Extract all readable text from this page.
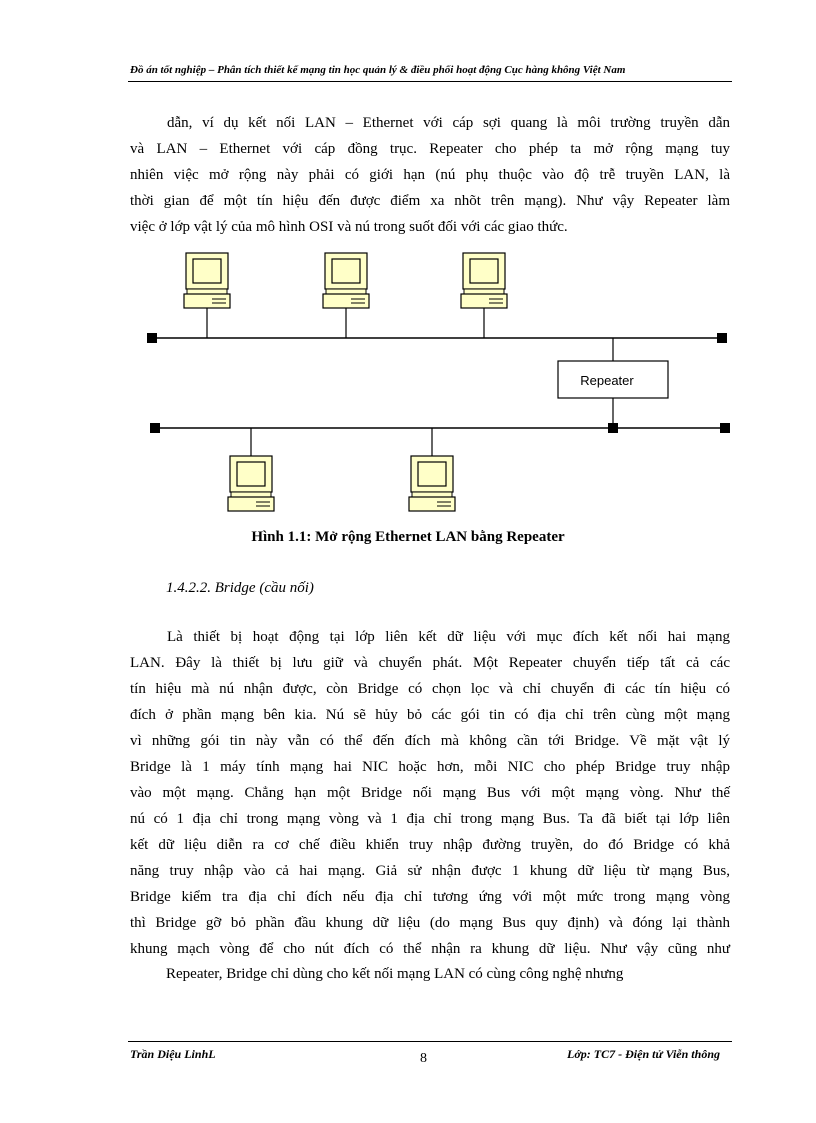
Đồ án tốt nghiệp – Phân tích thiết kế mạng tin học quản lý & điều phối hoạt động Cục hàng không Việt Nam
dẫn, ví dụ kết nối LAN – Ethernet với cáp sợi quang là môi trường truyền dẫn
và LAN – Ethernet với cáp đồng trục. Repeater cho phép ta mở rộng mạng tuy
nhiên việc mở rộng này phải có giới hạn (nú phụ thuộc vào độ trễ truyền LAN, là
thời gian để một tín hiệu đến được điểm xa nhõt trên mạng). Như vậy Repeater làm
việc ở lớp vật lý của mô hình OSI và nú trong suốt đối với các giao thức.
Repeater
Hình 1.1: Mở rộng Ethernet LAN bằng Repeater
1.4.2.2. Bridge (cầu nối)
Là thiết bị hoạt động tại lớp liên kết dữ liệu với mục đích kết nối hai mạng
LAN. Đây là thiết bị lưu giữ và chuyển phát. Một Repeater chuyển tiếp tất cả các
tín hiệu mà nú nhận được, còn Bridge có chọn lọc và chỉ chuyển đi các tín hiệu có
đích ở phần mạng bên kia. Nú sẽ hủy bỏ các gói tin có địa chỉ trên cùng một mạng
vì những gói tin này vẫn có thể đến đích mà không cần tới Bridge. Về mặt vật lý
Bridge là 1 máy tính mạng hai NIC hoặc hơn, mỗi NIC cho phép Bridge truy nhập
vào một mạng. Chẳng hạn một Bridge nối mạng Bus với một mạng vòng. Như thế
nú có 1 địa chỉ trong mạng vòng và 1 địa chỉ trong mạng Bus. Ta đã biết tại lớp liên
kết dữ liệu diễn ra cơ chế điều khiển truy nhập đường truyền, do đó Bridge có khả
năng truy nhập vào cả hai mạng. Giả sử nhận được 1 khung dữ liệu từ mạng Bus,
Bridge kiểm tra địa chỉ đích nếu địa chỉ tương ứng với một mức trong mạng vòng
thì Bridge gỡ bỏ phần đầu khung dữ liệu (do mạng Bus quy định) và đóng lại thành
khung mạch vòng để cho nút đích có thể nhận ra khung dữ liệu. Như vậy cũng như
Repeater, Bridge chỉ dùng cho kết nối mạng LAN có cùng công nghệ nhưng
Trần Diệu LinhL	8	Lớp: TC7 - Điện tử Viễn thông
